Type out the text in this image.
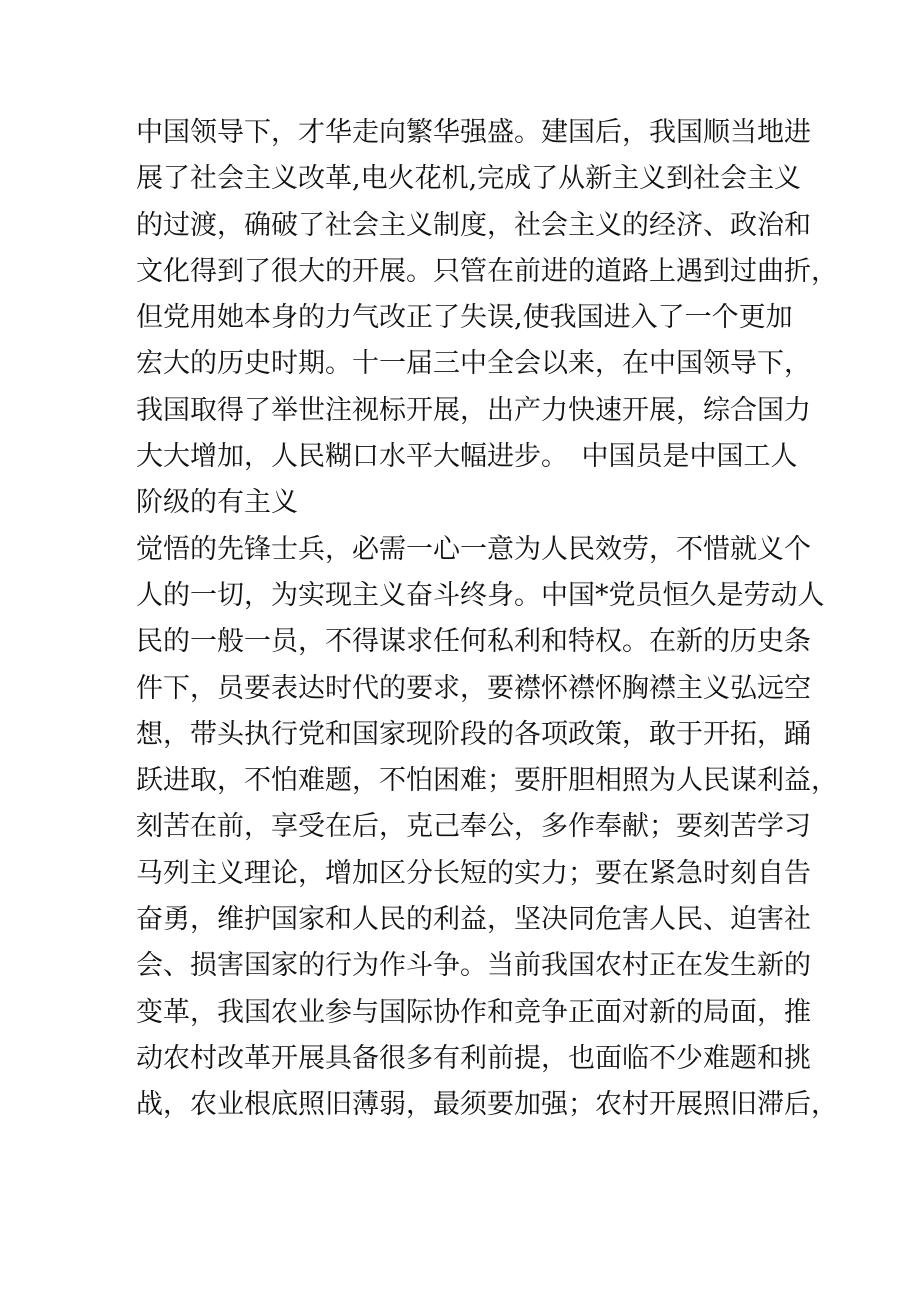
中国领导下，才华走向繁华强盛。建国后，我国顺当地进
展了社会主义改革,电火花机,完成了从新主义到社会主义
的过渡，确破了社会主义制度，社会主义的经济、政治和
文化得到了很大的开展。只管在前进的道路上遇到过曲折，
但党用她本身的力气改正了失误,使我国进入了一个更加
宏大的历史时期。十一届三中全会以来，在中国领导下，
我国取得了举世注视标开展，出产力快速开展，综合国力
大大增加，人民糊口水平大幅进步。　中国员是中国工人
阶级的有主义
觉悟的先锋士兵，必需一心一意为人民效劳，不惜就义个
人的一切，为实现主义奋斗终身。中国*党员恒久是劳动人
民的一般一员，不得谋求任何私利和特权。在新的历史条
件下，员要表达时代的要求，要襟怀襟怀胸襟主义弘远空
想，带头执行党和国家现阶段的各项政策，敢于开拓，踊
跃进取，不怕难题，不怕困难；要肝胆相照为人民谋利益，
刻苦在前，享受在后，克己奉公，多作奉献；要刻苦学习
马列主义理论，增加区分长短的实力；要在紧急时刻自告
奋勇，维护国家和人民的利益，坚决同危害人民、迫害社
会、损害国家的行为作斗争。当前我国农村正在发生新的
变革，我国农业参与国际协作和竞争正面对新的局面，推
动农村改革开展具备很多有利前提，也面临不少难题和挑
战，农业根底照旧薄弱，最须要加强；农村开展照旧滞后，
